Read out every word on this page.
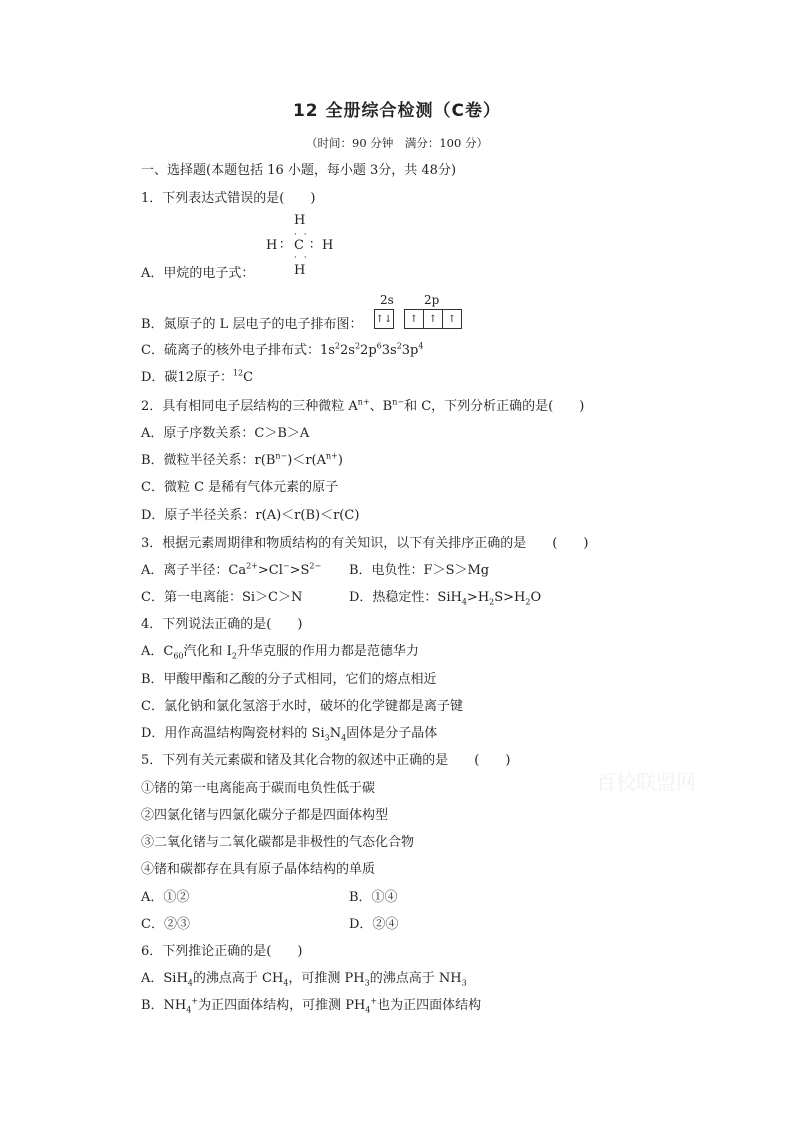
12 全册综合检测（C卷）
（时间：90 分钟　满分：100 分）
一、选择题(本题包括 16 小题，每小题 3分，共 48分)
1．下列表达式错误的是(　　)
H
· ·
H ∶ C ∶ H
· ·
H
A．甲烷的电子式：
2s	2p
↑↓	↑	↑	↑
B．氮原子的 L 层电子的电子排布图：
C．硫离子的核外电子排布式：$1s^22s^22p^63s^23p^4$
D．碳12原子：$^{12}$C
2．具有相同电子层结构的三种微粒 $A^{n+}$、$B^{n-}$和 C，下列分析正确的是(　　)
A．原子序数关系：C＞B＞A
B．微粒半径关系：$r(B^{n-})<r(A^{n+})$
C．微粒 C 是稀有气体元素的原子
D．原子半径关系：r(A)＜r(B)＜r(C)
3．根据元素周期律和物质结构的有关知识，以下有关排序正确的是　　(　　)
A．离子半径：$Ca^{2+}>Cl^->S^{2-}$ B．电负性：F＞S＞Mg
C．第一电离能：Si＞C＞N	D．热稳定性：$SiH_4>H_2S>H_2O$
4．下列说法正确的是(　　)
A．$C_{60}$汽化和 $I_2$升华克服的作用力都是范德华力
B．甲酸甲酯和乙酸的分子式相同，它们的熔点相近
C．氯化钠和氯化氢溶于水时，破坏的化学键都是离子键
D．用作高温结构陶瓷材料的 $Si_3N_4$固体是分子晶体
5．下列有关元素碳和锗及其化合物的叙述中正确的是　　(　　)
①锗的第一电离能高于碳而电负性低于碳
②四氯化锗与四氯化碳分子都是四面体构型
③二氧化锗与二氧化碳都是非极性的气态化合物
④锗和碳都存在具有原子晶体结构的单质
A．①②	B．①④
C．②③	D．②④
6．下列推论正确的是(　　)
A．SiH$_4$的沸点高于 $CH_4$，可推测 $PH_3$的沸点高于 $NH_3$
B．$NH_4^+$为正四面体结构，可推测 $PH_4^+$也为正四面体结构
百校联盟网
